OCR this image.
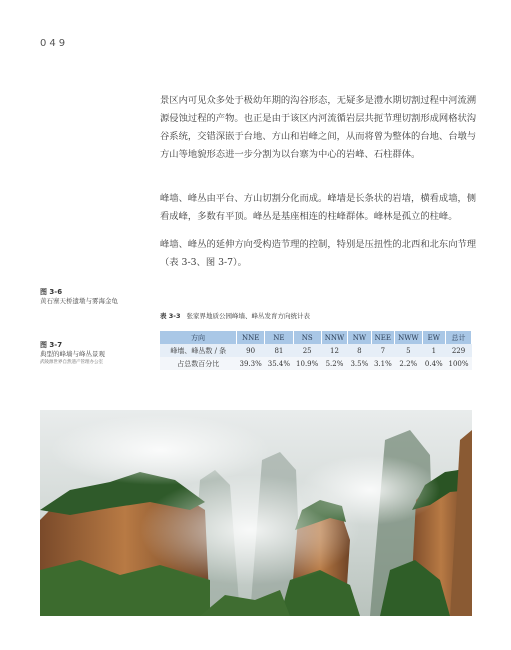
049

景区内可见众多处于极幼年期的沟谷形态，无疑多是澧水期切割过程中河流溯源侵蚀过程的产物。也正是由于该区内河流循岩层共扼节理切割形成网格状沟谷系统，交错深嵌于台地、方山和岩峰之间，从而将曾为整体的台地、台墩与方山等地貌形态进一步分割为以台寨为中心的岩峰、石柱群体。

峰墙、峰丛由平台、方山切割分化而成。峰墙是长条状的岩墙，横看成墙，侧看成峰，多数有平顶。峰丛是基座相连的柱峰群体。峰林是孤立的柱峰。

峰墙、峰丛的延伸方向受构造节理的控制，特别是压扭性的北西和北东向节理（表 3-3、图 3-7）。

图 3-6
黄石寨天桥遗墩与雾海金龟
图 3-7
典型的峰墙与峰丛景观
武陵源世界自然遗产管理办公室
表 3-3 张家界地质公园峰墙、峰丛发育方向统计表
方向	NNE	NE	NS	NNW	NW	NEE	NWW	EW	总计
峰墙、峰丛数 / 条	90	81	25	12	8	7	5	1	229
占总数百分比	39.3%	35.4%	10.9%	5.2%	3.5%	3.1%	2.2%	0.4%	100%
